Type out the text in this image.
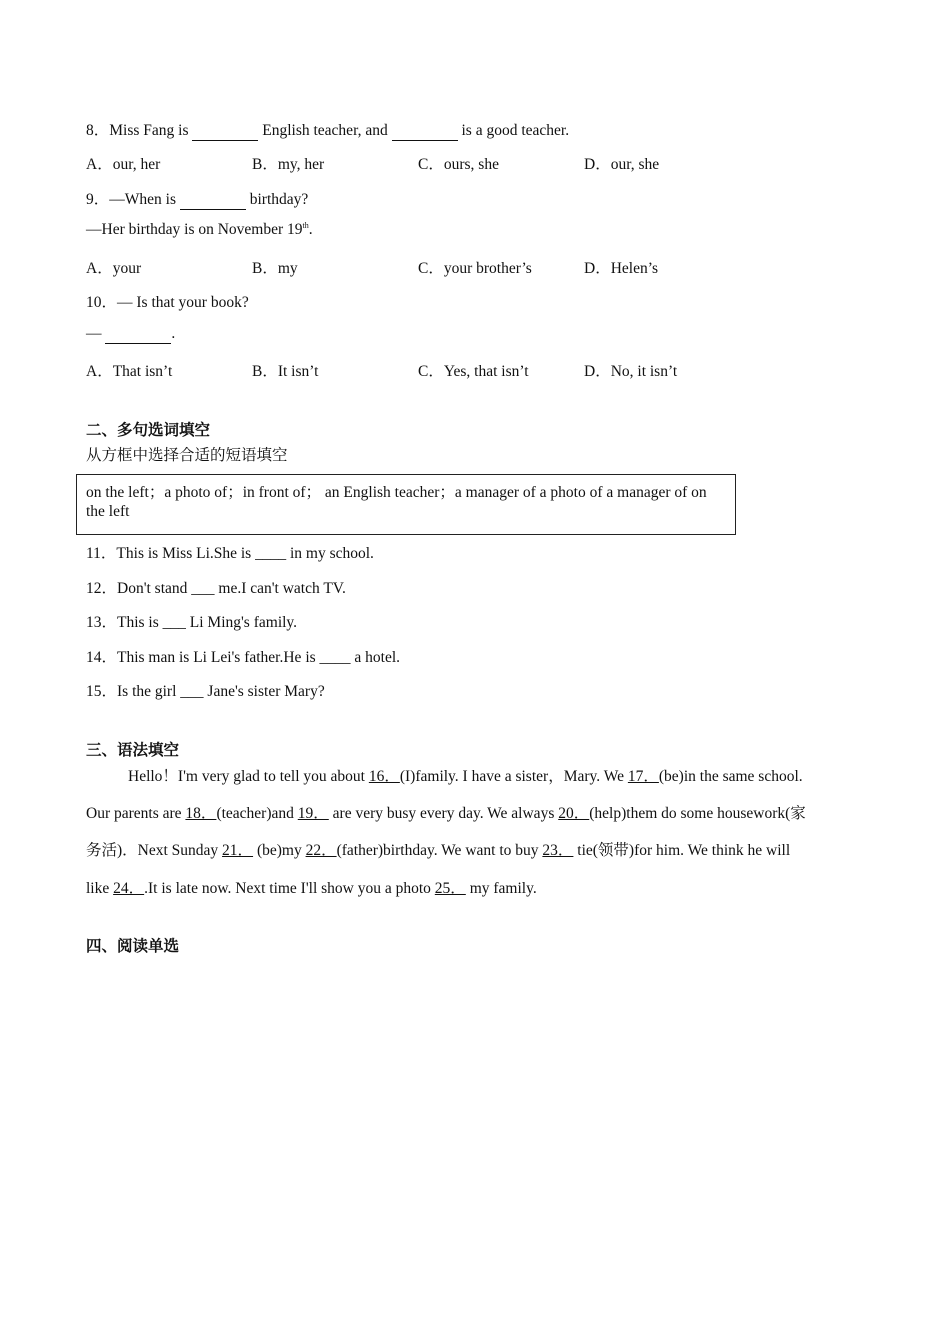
8．Miss Fang is	English teacher, and	is a good teacher.
A．our, her	B．my, her	C．ours, she	D．our, she
9．—When is	birthday?
—Her birthday is on November 19th.
A．your	B．my	C．your brother’s	D．Helen’s
10．— Is that your book?
—	.
A．That isn’t	B．It isn’t	C．Yes, that isn’t	D．No, it isn’t
二、多句选词填空
从方框中选择合适的短语填空
on the left；a photo of；in front of； an English teacher；a manager of a photo of a manager of on the left
11．This is Miss Li.She is ____ in my school.
12．Don't stand ___ me.I can't watch TV.
13．This is ___ Li Ming's family.
14．This man is Li Lei's father.He is ____ a hotel.
15．Is the girl ___ Jane's sister Mary?
三、语法填空
Hello！I'm very glad to tell you about 16．(I)family. I have a sister，Mary. We 17．(be)in the same school.
Our parents are 18．(teacher)and 19． are very busy every day. We always 20．(help)them do some housework(家
务活)．Next Sunday 21． (be)my 22．(father)birthday. We want to buy 23． tie(领带)for him. We think he will
like 24．.It is late now. Next time I'll show you a photo 25． my family.
四、阅读单选
